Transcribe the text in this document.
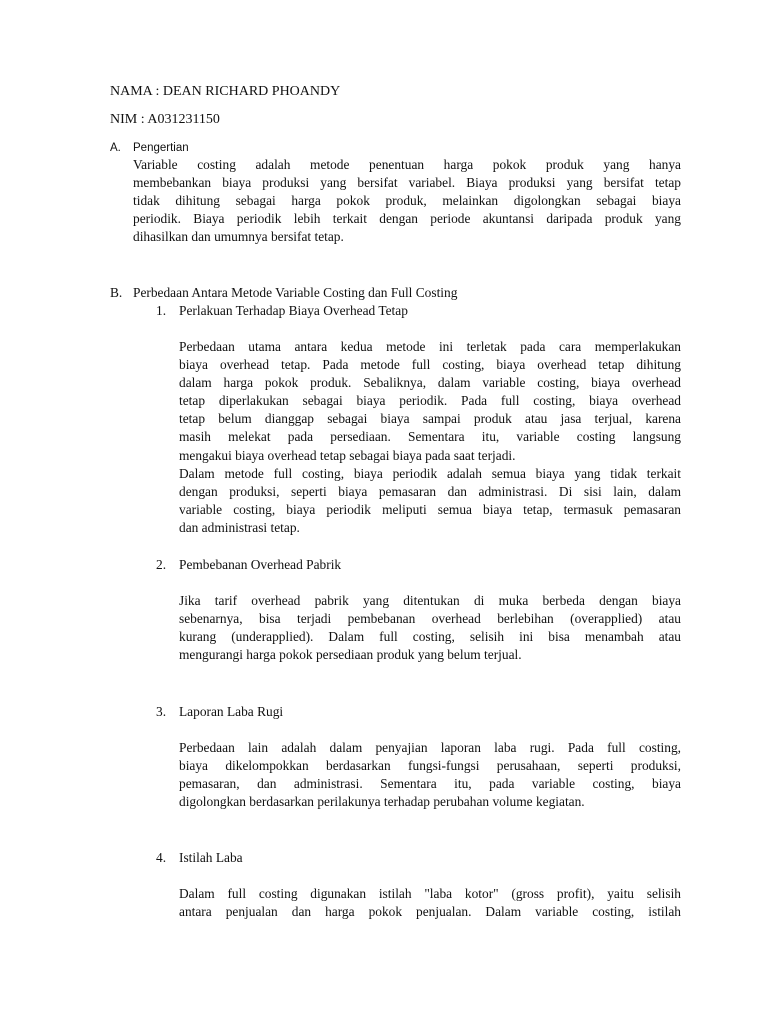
NAMA : DEAN RICHARD PHOANDY
NIM : A031231150
A. Pengertian
Variable costing adalah metode penentuan harga pokok produk yang hanya
membebankan biaya produksi yang bersifat variabel. Biaya produksi yang bersifat tetap
tidak dihitung sebagai harga pokok produk, melainkan digolongkan sebagai biaya
periodik. Biaya periodik lebih terkait dengan periode akuntansi daripada produk yang
dihasilkan dan umumnya bersifat tetap.
B. Perbedaan Antara Metode Variable Costing dan Full Costing
1. Perlakuan Terhadap Biaya Overhead Tetap
Perbedaan utama antara kedua metode ini terletak pada cara memperlakukan
biaya overhead tetap. Pada metode full costing, biaya overhead tetap dihitung
dalam harga pokok produk. Sebaliknya, dalam variable costing, biaya overhead
tetap diperlakukan sebagai biaya periodik. Pada full costing, biaya overhead
tetap belum dianggap sebagai biaya sampai produk atau jasa terjual, karena
masih melekat pada persediaan. Sementara itu, variable costing langsung
mengakui biaya overhead tetap sebagai biaya pada saat terjadi.
Dalam metode full costing, biaya periodik adalah semua biaya yang tidak terkait
dengan produksi, seperti biaya pemasaran dan administrasi. Di sisi lain, dalam
variable costing, biaya periodik meliputi semua biaya tetap, termasuk pemasaran
dan administrasi tetap.
2. Pembebanan Overhead Pabrik
Jika tarif overhead pabrik yang ditentukan di muka berbeda dengan biaya
sebenarnya, bisa terjadi pembebanan overhead berlebihan (overapplied) atau
kurang (underapplied). Dalam full costing, selisih ini bisa menambah atau
mengurangi harga pokok persediaan produk yang belum terjual.
3. Laporan Laba Rugi
Perbedaan lain adalah dalam penyajian laporan laba rugi. Pada full costing,
biaya dikelompokkan berdasarkan fungsi-fungsi perusahaan, seperti produksi,
pemasaran, dan administrasi. Sementara itu, pada variable costing, biaya
digolongkan berdasarkan perilakunya terhadap perubahan volume kegiatan.
4. Istilah Laba
Dalam full costing digunakan istilah "laba kotor" (gross profit), yaitu selisih
antara penjualan dan harga pokok penjualan. Dalam variable costing, istilah
